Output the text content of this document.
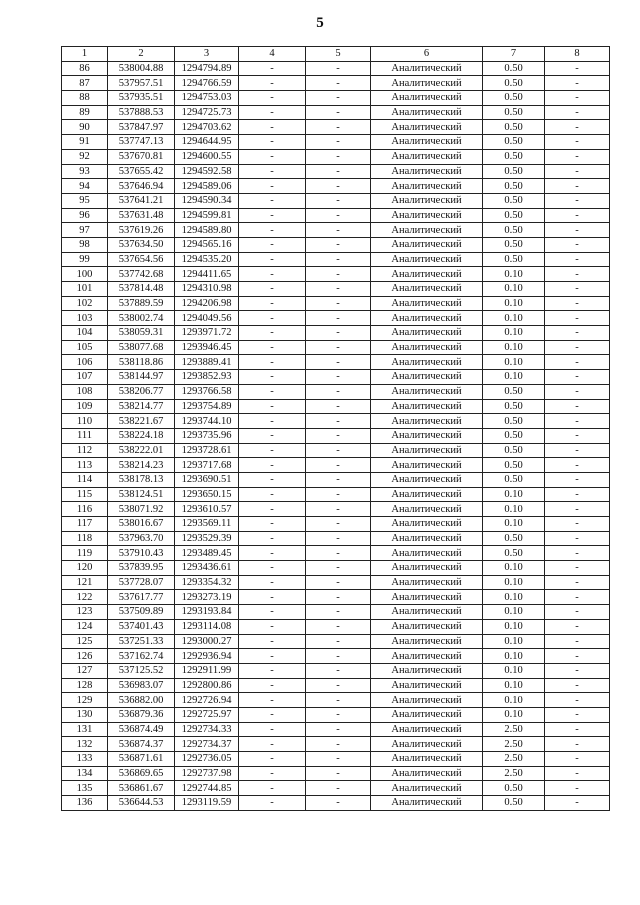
5
1	2	3	4	5	6	7	8
86	538004.88	1294794.89	-	-	Аналитический	0.50	-
87	537957.51	1294766.59	-	-	Аналитический	0.50	-
88	537935.51	1294753.03	-	-	Аналитический	0.50	-
89	537888.53	1294725.73	-	-	Аналитический	0.50	-
90	537847.97	1294703.62	-	-	Аналитический	0.50	-
91	537747.13	1294644.95	-	-	Аналитический	0.50	-
92	537670.81	1294600.55	-	-	Аналитический	0.50	-
93	537655.42	1294592.58	-	-	Аналитический	0.50	-
94	537646.94	1294589.06	-	-	Аналитический	0.50	-
95	537641.21	1294590.34	-	-	Аналитический	0.50	-
96	537631.48	1294599.81	-	-	Аналитический	0.50	-
97	537619.26	1294589.80	-	-	Аналитический	0.50	-
98	537634.50	1294565.16	-	-	Аналитический	0.50	-
99	537654.56	1294535.20	-	-	Аналитический	0.50	-
100	537742.68	1294411.65	-	-	Аналитический	0.10	-
101	537814.48	1294310.98	-	-	Аналитический	0.10	-
102	537889.59	1294206.98	-	-	Аналитический	0.10	-
103	538002.74	1294049.56	-	-	Аналитический	0.10	-
104	538059.31	1293971.72	-	-	Аналитический	0.10	-
105	538077.68	1293946.45	-	-	Аналитический	0.10	-
106	538118.86	1293889.41	-	-	Аналитический	0.10	-
107	538144.97	1293852.93	-	-	Аналитический	0.10	-
108	538206.77	1293766.58	-	-	Аналитический	0.50	-
109	538214.77	1293754.89	-	-	Аналитический	0.50	-
110	538221.67	1293744.10	-	-	Аналитический	0.50	-
111	538224.18	1293735.96	-	-	Аналитический	0.50	-
112	538222.01	1293728.61	-	-	Аналитический	0.50	-
113	538214.23	1293717.68	-	-	Аналитический	0.50	-
114	538178.13	1293690.51	-	-	Аналитический	0.50	-
115	538124.51	1293650.15	-	-	Аналитический	0.10	-
116	538071.92	1293610.57	-	-	Аналитический	0.10	-
117	538016.67	1293569.11	-	-	Аналитический	0.10	-
118	537963.70	1293529.39	-	-	Аналитический	0.50	-
119	537910.43	1293489.45	-	-	Аналитический	0.50	-
120	537839.95	1293436.61	-	-	Аналитический	0.10	-
121	537728.07	1293354.32	-	-	Аналитический	0.10	-
122	537617.77	1293273.19	-	-	Аналитический	0.10	-
123	537509.89	1293193.84	-	-	Аналитический	0.10	-
124	537401.43	1293114.08	-	-	Аналитический	0.10	-
125	537251.33	1293000.27	-	-	Аналитический	0.10	-
126	537162.74	1292936.94	-	-	Аналитический	0.10	-
127	537125.52	1292911.99	-	-	Аналитический	0.10	-
128	536983.07	1292800.86	-	-	Аналитический	0.10	-
129	536882.00	1292726.94	-	-	Аналитический	0.10	-
130	536879.36	1292725.97	-	-	Аналитический	0.10	-
131	536874.49	1292734.33	-	-	Аналитический	2.50	-
132	536874.37	1292734.37	-	-	Аналитический	2.50	-
133	536871.61	1292736.05	-	-	Аналитический	2.50	-
134	536869.65	1292737.98	-	-	Аналитический	2.50	-
135	536861.67	1292744.85	-	-	Аналитический	0.50	-
136	536644.53	1293119.59	-	-	Аналитический	0.50	-
